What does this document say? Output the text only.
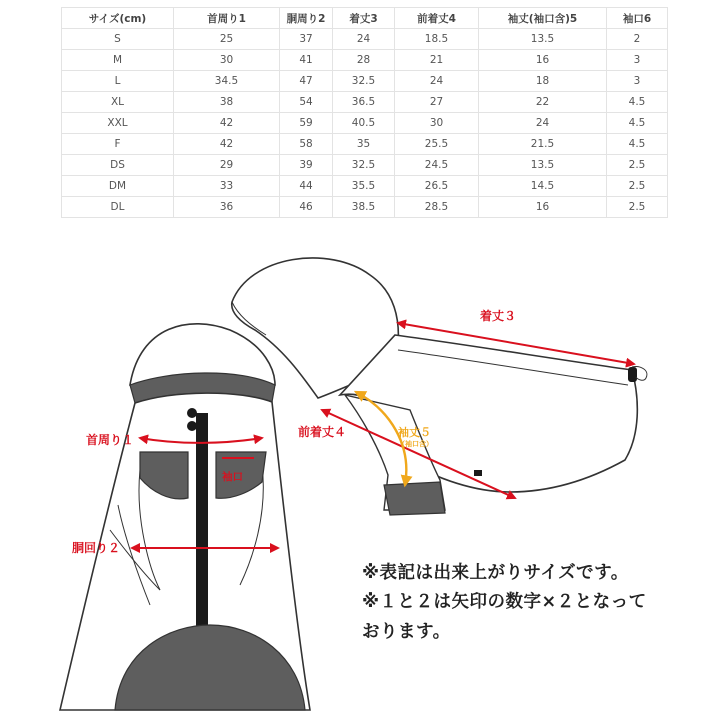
サイズ(cm)	首周り1	胴周り2	着丈3	前着丈4	袖丈(袖口含)5	袖口6
S	25	37	24	18.5	13.5	2
M	30	41	28	21	16	3
L	34.5	47	32.5	24	18	3
XL	38	54	36.5	27	22	4.5
XXL	42	59	40.5	30	24	4.5
F	42	58	35	25.5	21.5	4.5
DS	29	39	32.5	24.5	13.5	2.5
DM	33	44	35.5	26.5	14.5	2.5
DL	36	46	38.5	28.5	16	2.5
首周り１
袖口
胴回り２
着丈３
前着丈４	袖丈５
（袖口含）
※表記は出来上がりサイズです。
※１と２は矢印の数字×２となって
おります。
